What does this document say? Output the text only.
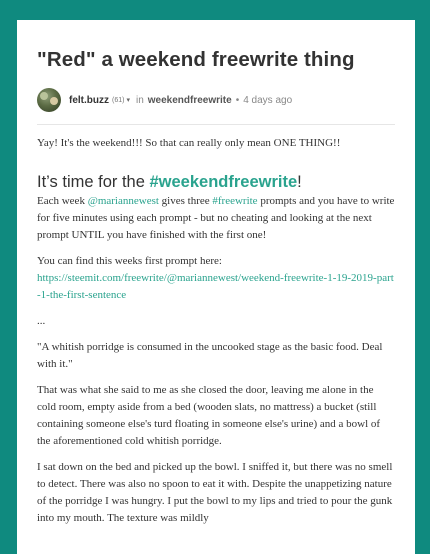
"Red" a weekend freewrite thing
felt.buzz (61) ▾ in weekendfreewrite • 4 days ago

Yay! It's the weekend!!! So that can really only mean ONE THING!!

It’s time for the #weekendfreewrite!

Each week @mariannewest gives three #freewrite prompts and you have to write for five minutes using each prompt - but no cheating and looking at the next prompt UNTIL you have finished with the first one!

You can find this weeks first prompt here:

https://steemit.com/freewrite/@mariannewest/weekend-freewrite-1-19-2019-part-1-the-first-sentence

...

"A whitish porridge is consumed in the uncooked stage as the basic food. Deal with it."

That was what she said to me as she closed the door, leaving me alone in the cold room, empty aside from a bed (wooden slats, no mattress) a bucket (still containing someone else's turd floating in someone else's urine) and a bowl of the aforementioned cold whitish porridge.

I sat down on the bed and picked up the bowl. I sniffed it, but there was no smell to detect. There was also no spoon to eat it with. Despite the unappetizing nature of the porridge I was hungry. I put the bowl to my lips and tried to pour the gunk into my mouth. The texture was mildly
